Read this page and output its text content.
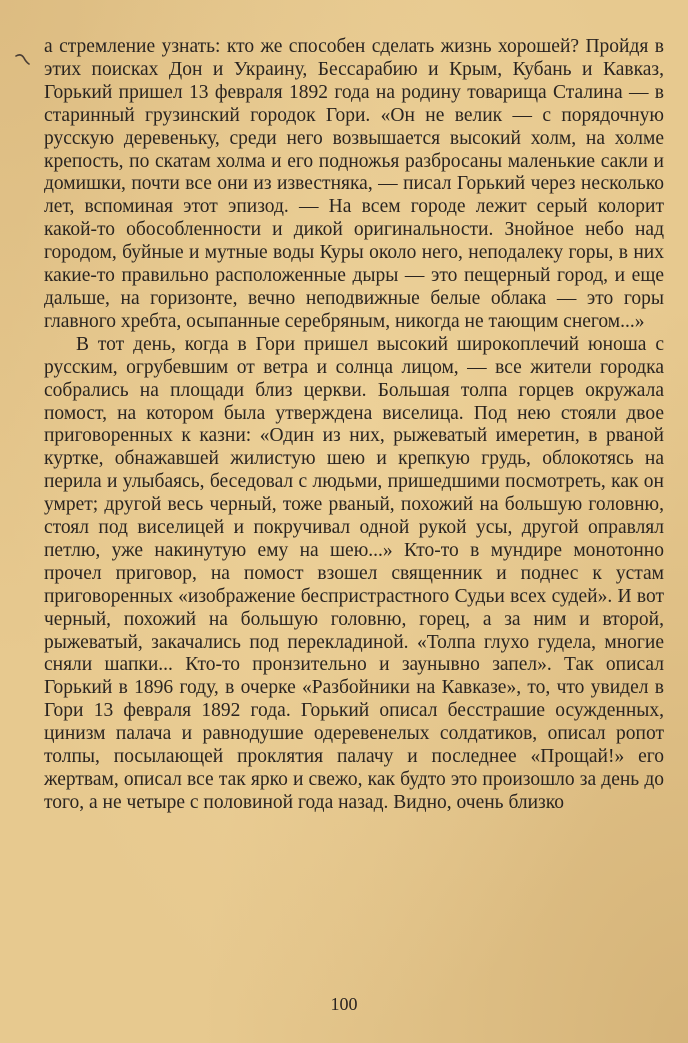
а стремление узнать: кто же способен сделать жизнь хорошей? Пройдя в этих поисках Дон и Украину, Бессарабию и Крым, Кубань и Кавказ, Горький пришел 13 февраля 1892 года на родину товарища Сталина — в старинный грузинский городок Гори. «Он не велик — с порядочную русскую деревеньку, среди него возвышается высокий холм, на холме крепость, по скатам холма и его подножья разбросаны маленькие сакли и домишки, почти все они из известняка, — писал Горький через несколько лет, вспоминая этот эпизод. — На всем городе лежит серый колорит какой-то обособленности и дикой оригинальности. Знойное небо над городом, буйные и мутные воды Куры около него, неподалеку горы, в них какие-то правильно расположенные дыры — это пещерный город, и еще дальше, на горизонте, вечно неподвижные белые облака — это горы главного хребта, осыпанные серебряным, никогда не тающим снегом...»

В тот день, когда в Гори пришел высокий широкоплечий юноша с русским, огрубевшим от ветра и солнца лицом, — все жители городка собрались на площади близ церкви. Большая толпа горцев окружала помост, на котором была утверждена виселица. Под нею стояли двое приговоренных к казни: «Один из них, рыжеватый имеретин, в рваной куртке, обнажавшей жилистую шею и крепкую грудь, облокотясь на перила и улыбаясь, беседовал с людьми, пришедшими посмотреть, как он умрет; другой весь черный, тоже рваный, похожий на большую головню, стоял под виселицей и покручивал одной рукой усы, другой оправлял петлю, уже накинутую ему на шею...» Кто-то в мундире монотонно прочел приговор, на помост взошел священник и поднес к устам приговоренных «изображение беспристрастного Судьи всех судей». И вот черный, похожий на большую головню, горец, а за ним и второй, рыжеватый, закачались под перекладиной. «Толпа глухо гудела, многие сняли шапки... Кто-то пронзительно и заунывно запел». Так описал Горький в 1896 году, в очерке «Разбойники на Кавказе», то, что увидел в Гори 13 февраля 1892 года. Горький описал бесстрашие осужденных, цинизм палача и равнодушие одеревенелых солдатиков, описал ропот толпы, посылающей проклятия палачу и последнее «Прощай!» его жертвам, описал все так ярко и свежо, как будто это произошло за день до того, а не четыре с половиной года назад. Видно, очень близко

100
